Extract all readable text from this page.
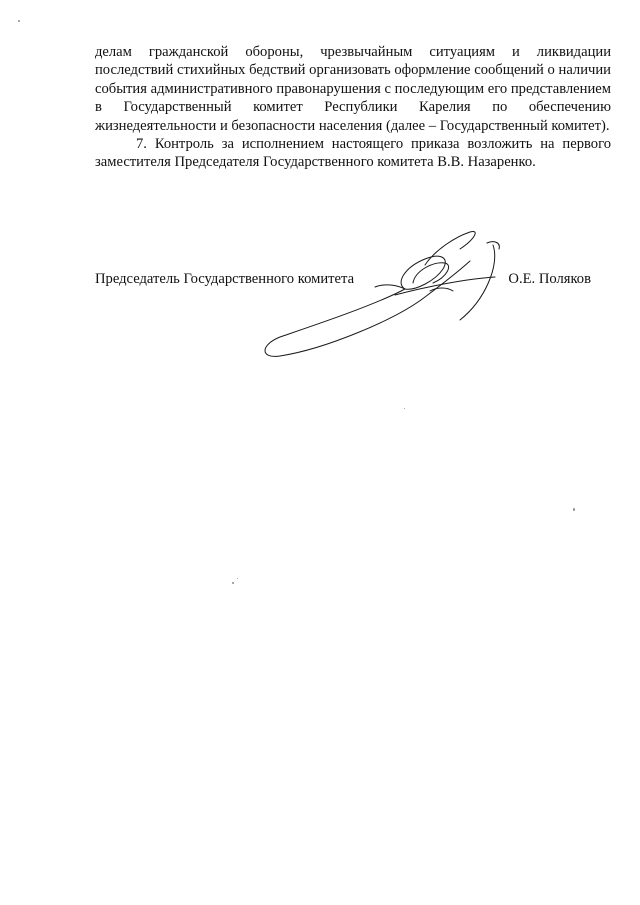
делам гражданской обороны, чрезвычайным ситуациям и ликвидации последствий стихийных бедствий организовать оформление сообщений о наличии события административного правонарушения с последующим его представлением в Государственный комитет Республики Карелия по обеспечению жизнедеятельности и безопасности населения (далее – Государственный комитет).

7. Контроль за исполнением настоящего приказа возложить на первого заместителя Председателя Государственного комитета В.В. Назаренко.

Председатель Государственного комитета	О.Е. Поляков
